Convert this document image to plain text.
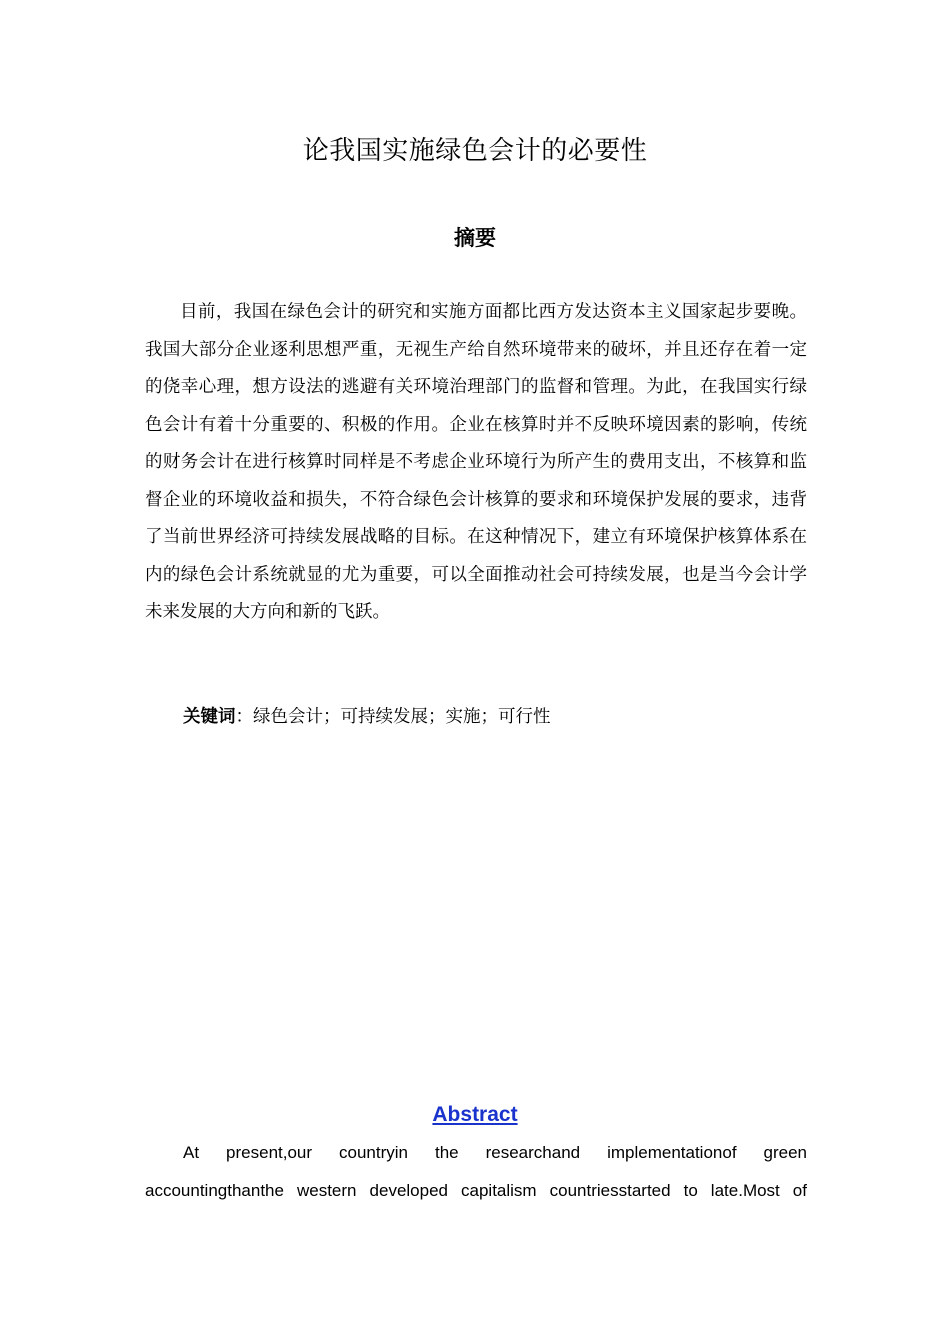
论我国实施绿色会计的必要性
摘要

目前，我国在绿色会计的研究和实施方面都比西方发达资本主义国家起步要晚。我国大部分企业逐利思想严重，无视生产给自然环境带来的破坏，并且还存在着一定的侥幸心理，想方设法的逃避有关环境治理部门的监督和管理。为此，在我国实行绿色会计有着十分重要的、积极的作用。企业在核算时并不反映环境因素的影响，传统的财务会计在进行核算时同样是不考虑企业环境行为所产生的费用支出，不核算和监督企业的环境收益和损失，不符合绿色会计核算的要求和环境保护发展的要求，违背了当前世界经济可持续发展战略的目标。在这种情况下，建立有环境保护核算体系在内的绿色会计系统就显的尤为重要，可以全面推动社会可持续发展，也是当今会计学未来发展的大方向和新的飞跃。

关键词：绿色会计；可持续发展；实施；可行性
Abstract

At present,our countryin the researchand implementationof green accountingthanthe western developed capitalism countriesstarted to late.Most of
